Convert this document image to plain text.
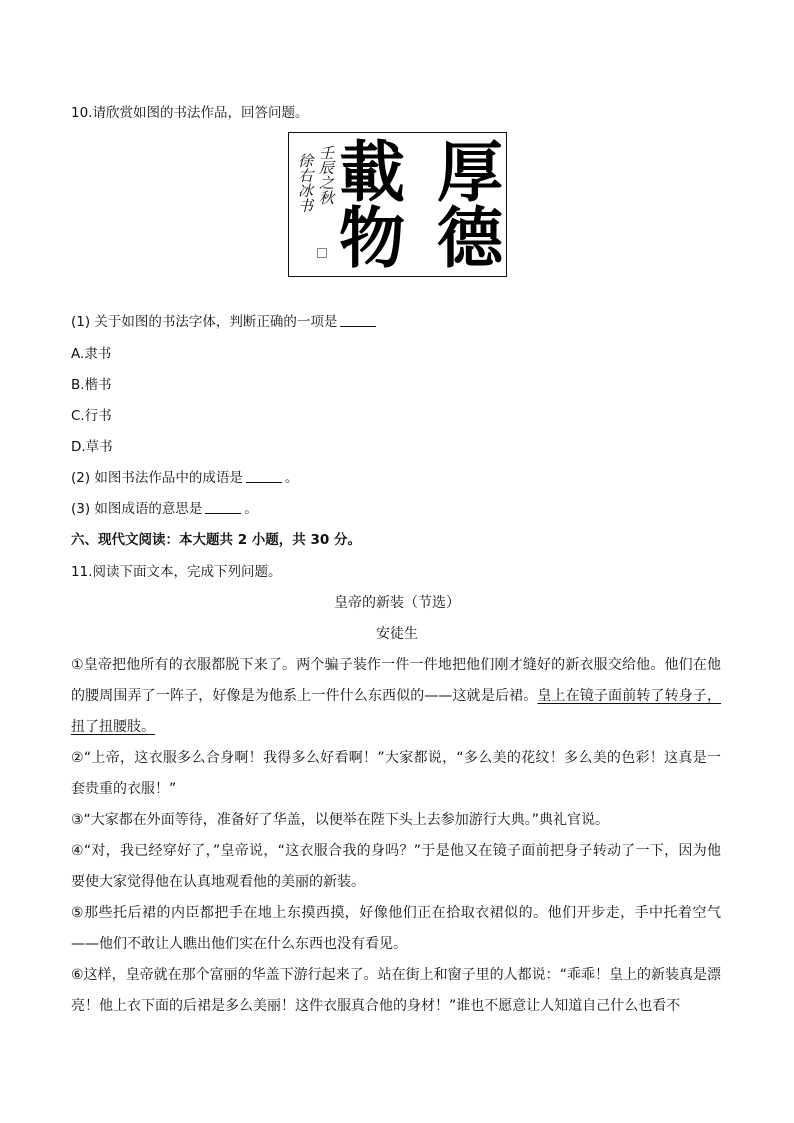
10.请欣赏如图的书法作品，回答问题。
厚
德
載
物
壬辰之秋
徐右冰书
(1) 关于如图的书法字体，判断正确的一项是
A.隶书
B.楷书
C.行书
D.草书
(2) 如图书法作品中的成语是	。
(3) 如图成语的意思是	。
六、现代文阅读：本大题共 2 小题，共 30 分。
11.阅读下面文本，完成下列问题。
皇帝的新装（节选）
安徒生
①皇帝把他所有的衣服都脱下来了。两个骗子装作一件一件地把他们刚才缝好的新衣服交给他。他们在他的腰周围弄了一阵子，好像是为他系上一件什么东西似的——这就是后裙。皇上在镜子面前转了转身子，扭了扭腰肢。
②“上帝，这衣服多么合身啊！我得多么好看啊！”大家都说，“多么美的花纹！多么美的色彩！这真是一套贵重的衣服！”
③“大家都在外面等待，准备好了华盖，以便举在陛下头上去参加游行大典。”典礼官说。
④“对，我已经穿好了，”皇帝说，“这衣服合我的身吗？”于是他又在镜子面前把身子转动了一下，因为他要使大家觉得他在认真地观看他的美丽的新装。
⑤那些托后裙的内臣都把手在地上东摸西摸，好像他们正在拾取衣裙似的。他们开步走，手中托着空气——他们不敢让人瞧出他们实在什么东西也没有看见。
⑥这样，皇帝就在那个富丽的华盖下游行起来了。站在街上和窗子里的人都说：“乖乖！皇上的新装真是漂亮！他上衣下面的后裙是多么美丽！这件衣服真合他的身材！”谁也不愿意让人知道自己什么也看不
